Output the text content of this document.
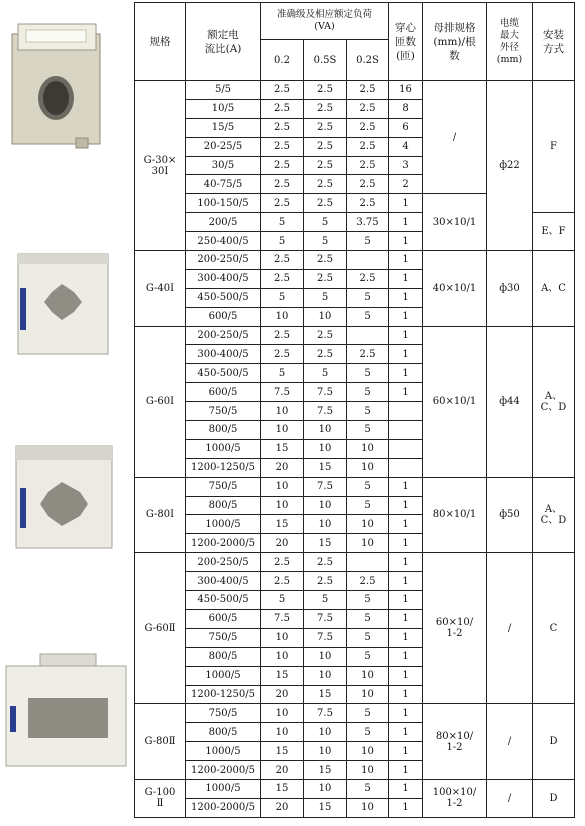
规格	额定电
流比(A)	准确级及相应额定负荷
(VA)			穿心
匝数
(匝)	母排规格
(mm)/根
数	电缆
最大
外径
(mm)	安装
方式

		0.2	0.5S	0.2S				

G-30×
30I	5/5	2.5	2.5	2.5	16	/	ф22	F

	10/5	2.5	2.5	2.5	8			
	15/5	2.5	2.5	2.5	6			
	20-25/5	2.5	2.5	2.5	4			
	30/5	2.5	2.5	2.5	3			
	40-75/5	2.5	2.5	2.5	2			
	100-150/5	2.5	2.5	2.5	1	30×10/1		

	200/5	5	5	3.75	1			E、F

	250-400/5	5	5	5	1			

G-40I	200-250/5	2.5	2.5		1	40×10/1	ф30	A、C

	300-400/5	2.5	2.5	2.5	1			
	450-500/5	5	5	5	1			
	600/5	10	10	5	1			

G-60I	200-250/5	2.5	2.5		1	60×10/1	ф44	A、
C、D

	300-400/5	2.5	2.5	2.5	1			
	450-500/5	5	5	5	1			
	600/5	7.5	7.5	5	1			
	750/5	10	7.5	5				
	800/5	10	10	5				
	1000/5	15	10	10				
	1200-1250/5	20	15	10				

G-80I	750/5	10	7.5	5	1	80×10/1	ф50	A、
C、D

	800/5	10	10	5	1			
	1000/5	15	10	10	1			
	1200-2000/5	20	15	10	1			

G-60Ⅱ	200-250/5	2.5	2.5		1	60×10/
1-2	/	C

	300-400/5	2.5	2.5	2.5	1			
	450-500/5	5	5	5	1			
	600/5	7.5	7.5	5	1			
	750/5	10	7.5	5	1			
	800/5	10	10	5	1			
	1000/5	15	10	10	1			
	1200-1250/5	20	15	10	1			

G-80Ⅱ	750/5	10	7.5	5	1	80×10/
1-2	/	D

	800/5	10	10	5	1			
	1000/5	15	10	10	1			
	1200-2000/5	20	15	10	1			

G-100
Ⅱ	1000/5	15	10	5	1	100×10/
1-2	/	D

	1200-2000/5	20	15	10	1			
